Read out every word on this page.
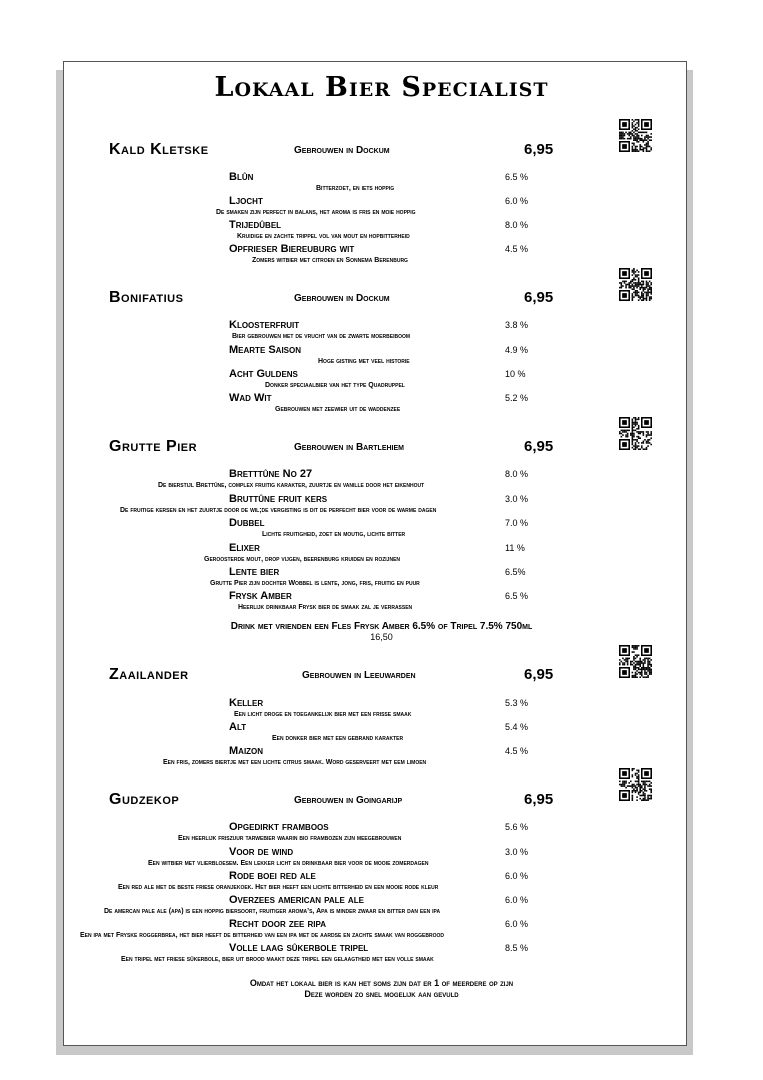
Lokaal Bier Specialist
Kald Kletske	Gebrouwen in Dockum	6,95
Blûn	6.5 %
Bitterzoet, en iets hoppig
Ljocht	6.0 %
De smaken zijn perfect in balans, het aroma is fris en moie hoppig
Trijedûbel	8.0 %
Kruidige en zachte trippel vol van mout en hopbitterheid
Opfrieser Biereuburg wit	4.5 %
Zomers witbier met citroen en Sonnema Berenburg
Bonifatius	Gebrouwen in Dockum	6,95
Kloosterfruit	3.8 %
Bier gebrouwen met de vrucht van de zwarte moerbeiboom
Mearte Saison	4.9 %
Hoge gisting met veel historie
Acht Guldens	10 %
Donker speciaalbier van het type Quadruppel
Wad Wit	5.2 %
Gebrouwen met zeewier uit de waddenzee
Grutte Pier	Gebrouwen in Bartlehiem	6,95
Bretttûne No 27	8.0 %
De bierstijl Brettûne, complex fruitig karakter, zuurtje en vanille door het eikenhout
Bruttûne fruit kers	3.0 %
De fruitige kersen en het zuurtje door de wil;de vergisting is dit de perfecht bier voor de warme dagen
Dubbel	7.0 %
Lichte fruitigheid, zoet en moutig, lichte bitter
Elixer	11 %
Geroosterde mout, drop vijgen, beerenburg kruiden en rozijnen
Lente bier	6.5%
Grutte Pier zijn dochter Wobbel is lente, jong, fris, fruitig en puur
Frysk Amber	6.5 %
Heerlijk drinkbaar Frysk bier de smaak zal je verrassen
Drink met vrienden een Fles Frysk Amber 6.5% of Tripel 7.5% 750ml
16,50
Zaailander	Gebrouwen in Leeuwarden	6,95
Keller	5.3 %
Een licht droge en toegankelijk bier met een frisse smaak
Alt	5.4 %
Een donker bier met een gebrand karakter
Maizon	4.5 %
Een fris, zomers biertje met een lichte citrus smaak. Word geserveert met eem limoen
Gudzekop	Gebrouwen in Goingarijp	6,95
Opgedirkt framboos	5.6 %
Een heerlijk friszuur tarwebier waarin bio frambozen zijn meegebrouwen
Voor de wind	3.0 %
Een witbier met vlierbloesem. Een lekker licht en drinkbaar bier voor de mooie zomerdagen
Rode boei red ale	6.0 %
Een red ale met de beste friese oranjekoek. Het bier heeft een lichte bitterheid en een mooie rode kleur
Overzees american pale ale	6.0 %
De amercan pale ale (apa) is een hoppig biersoort, fruitiger aroma’s, Apa is minder zwaar en bitter dan een ipa
Recht door zee ripa	6.0 %
Een ipa met Fryske roggerbrea, het bier heeft de bitterheid van een ipa met de aardse en zachte smaak van roggebrood
Volle laag sûkerbole tripel	8.5 %
Een tripel met friese sûkerbole, bier uit brood maakt deze tripel een gelaagtheid met een volle smaak
Omdat het lokaal bier is kan het soms zijn dat er 1 of meerdere op zijn
Deze worden zo snel mogelijk aan gevuld
